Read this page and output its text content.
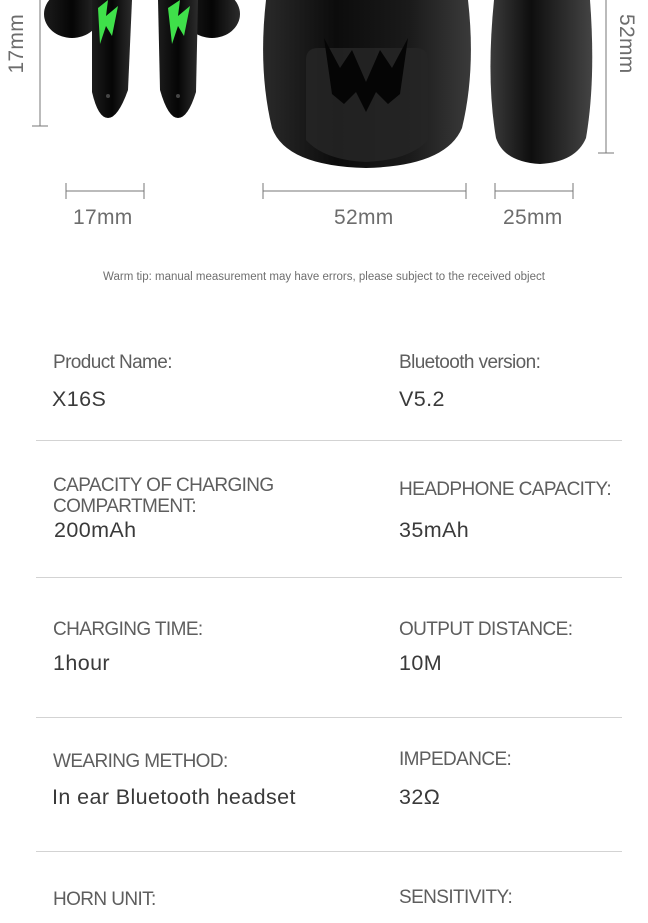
17mm	52mm
17mm	52mm	25mm
Warm tip: manual measurement may have errors, please subject to the received object
Product Name:
X16S
Bluetooth version:
V5.2
CAPACITY OF CHARGING COMPARTMENT:
200mAh
HEADPHONE CAPACITY:
35mAh
CHARGING TIME:
1hour
OUTPUT DISTANCE:
10M
WEARING METHOD:
In ear Bluetooth headset
IMPEDANCE:
32Ω
HORN UNIT:	SENSITIVITY:
